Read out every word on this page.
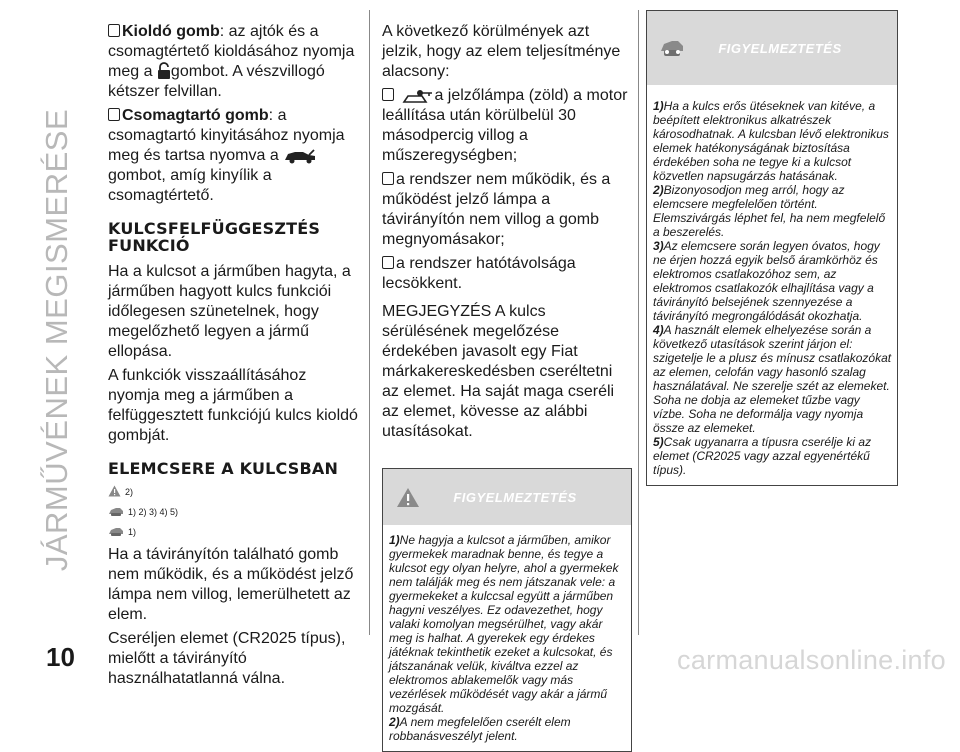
JÁRMŰVÉNEK MEGISMERÉSE
10	carmanualsonline.info

Kioldó gomb: az ajtók és a csomagtértető kioldásához nyomja meg a gombot. A vészvillogó kétszer felvillan.

Csomagtartó gomb: a csomagtartó kinyitásához nyomja meg és tartsa nyomva a gombot, amíg kinyílik a csomagtértető.

KULCSFELFÜGGESZTÉS FUNKCIÓ

Ha a kulcsot a járműben hagyta, a járműben hagyott kulcs funkciói időlegesen szünetelnek, hogy megelőzhető legyen a jármű ellopása.

A funkciók visszaállításához nyomja meg a járműben a felfüggesztett funkciójú kulcs kioldó gombját.

ELEMCSERE A KULCSBAN
2)
1) 2) 3) 4) 5)
1)

Ha a távirányítón található gomb nem működik, és a működést jelző lámpa nem villog, lemerülhetett az elem.

Cseréljen elemet (CR2025 típus), mielőtt a távirányító használhatatlanná válna.

A következő körülmények azt jelzik, hogy az elem teljesítménye alacsony:

a jelzőlámpa (zöld) a motor leállítása után körülbelül 30 másodpercig villog a műszeregységben;

a rendszer nem működik, és a működést jelző lámpa a távirányítón nem villog a gomb megnyomásakor;

a rendszer hatótávolsága lecsökkent.

MEGJEGYZÉS A kulcs sérülésének megelőzése érdekében javasolt egy Fiat márkakereskedésben cseréltetni az elemet. Ha saját maga cseréli az elemet, kövesse az alábbi utasításokat.

FIGYELMEZTETÉS
1)Ne hagyja a kulcsot a járműben, amikor gyermekek maradnak benne, és tegye a kulcsot egy olyan helyre, ahol a gyermekek nem találják meg és nem játszanak vele: a gyermekeket a kulccsal együtt a járműben hagyni veszélyes. Ez odavezethet, hogy valaki komolyan megsérülhet, vagy akár meg is halhat. A gyerekek egy érdekes játéknak tekinthetik ezeket a kulcsokat, és játszanának velük, kiváltva ezzel az elektromos ablakemelők vagy más vezérlések működését vagy akár a jármű mozgását.
2)A nem megfelelően cserélt elem robbanásveszélyt jelent.
FIGYELMEZTETÉS
1)Ha a kulcs erős ütéseknek van kitéve, a beépített elektronikus alkatrészek károsodhatnak. A kulcsban lévő elektronikus elemek hatékonyságának biztosítása érdekében soha ne tegye ki a kulcsot közvetlen napsugárzás hatásának.
2)Bizonyosodjon meg arról, hogy az elemcsere megfelelően történt. Elemszivárgás léphet fel, ha nem megfelelő a beszerelés.
3)Az elemcsere során legyen óvatos, hogy ne érjen hozzá egyik belső áramkörhöz és elektromos csatlakozóhoz sem, az elektromos csatlakozók elhajlítása vagy a távirányító belsejének szennyezése a távirányító megrongálódását okozhatja.
4)A használt elemek elhelyezése során a következő utasítások szerint járjon el: szigetelje le a plusz és mínusz csatlakozókat az elemen, celofán vagy hasonló szalag használatával. Ne szerelje szét az elemeket. Soha ne dobja az elemeket tűzbe vagy vízbe. Soha ne deformálja vagy nyomja össze az elemeket.
5)Csak ugyanarra a típusra cserélje ki az elemet (CR2025 vagy azzal egyenértékű típus).
